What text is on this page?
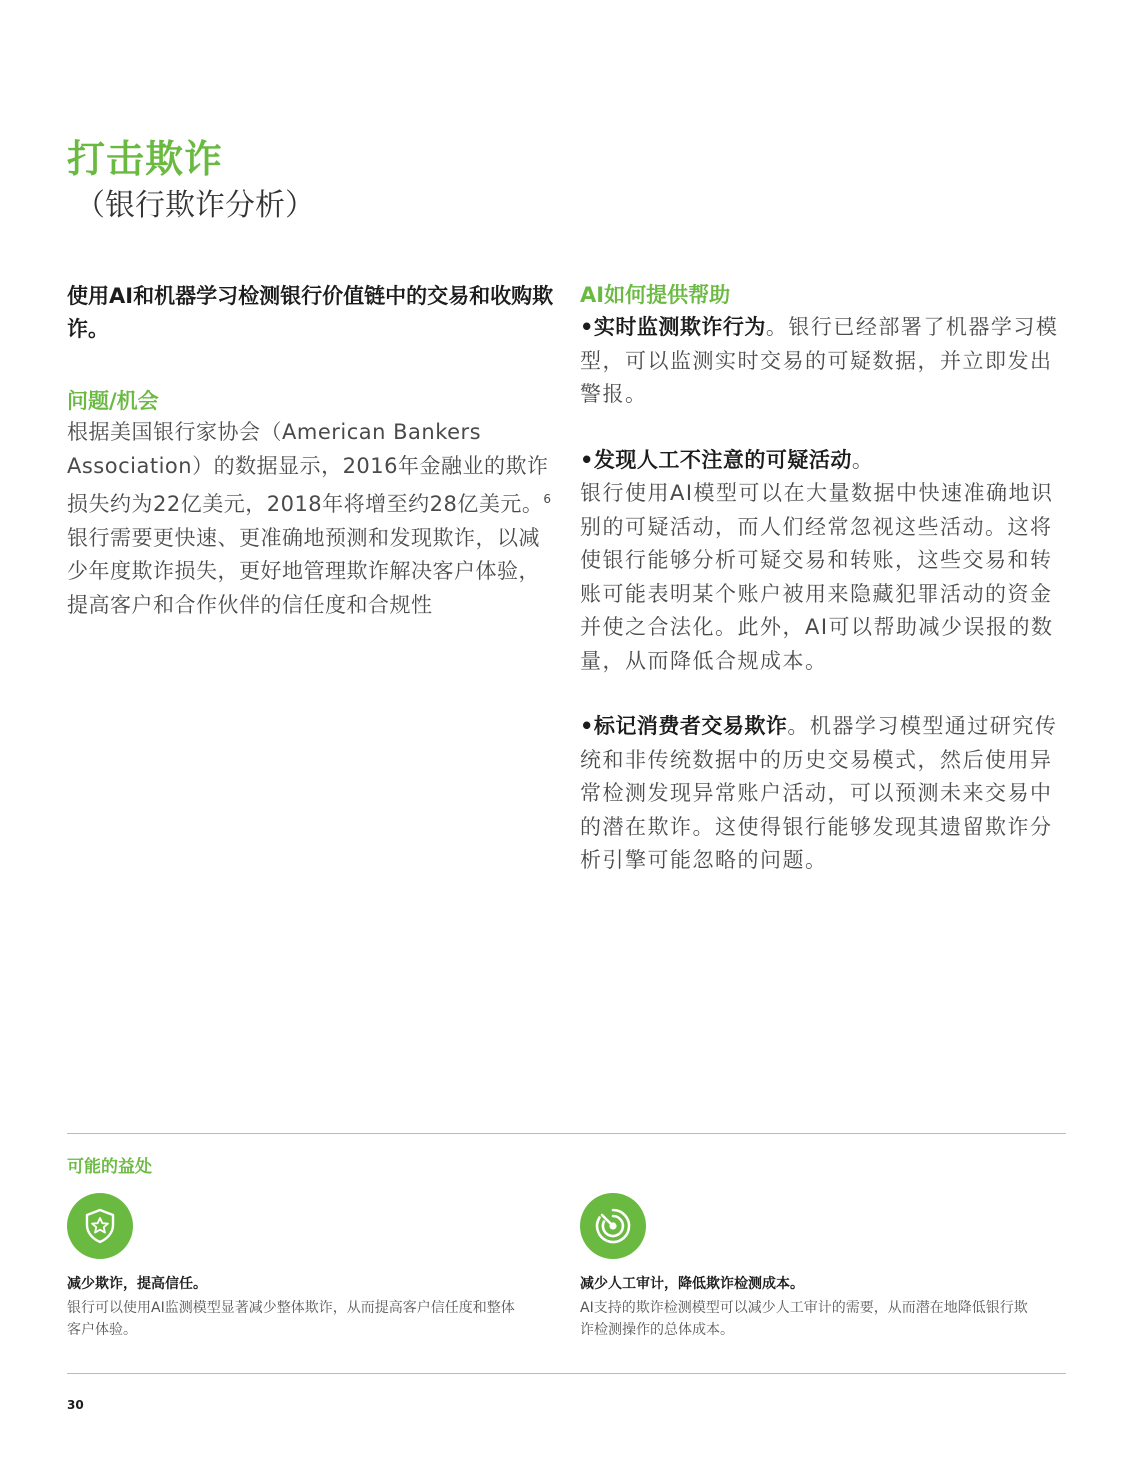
打击欺诈
（银行欺诈分析）

使用AI和机器学习检测银行价值链中的交易和收购欺诈。

问题/机会

根据美国银行家协会（American Bankers Association）的数据显示，2016年金融业的欺诈损失约为22亿美元，2018年将增至约28亿美元。$^6$银行需要更快速、更准确地预测和发现欺诈，以减少年度欺诈损失，更好地管理欺诈解决客户体验，提高客户和合作伙伴的信任度和合规性

AI如何提供帮助

•实时监测欺诈行为。银行已经部署了机器学习模型，可以监测实时交易的可疑数据，并立即发出警报。

•发现人工不注意的可疑活动。
银行使用AI模型可以在大量数据中快速准确地识别的可疑活动，而人们经常忽视这些活动。这将使银行能够分析可疑交易和转账，这些交易和转账可能表明某个账户被用来隐藏犯罪活动的资金并使之合法化。此外，AI可以帮助减少误报的数量，从而降低合规成本。

•标记消费者交易欺诈。机器学习模型通过研究传统和非传统数据中的历史交易模式，然后使用异常检测发现异常账户活动，可以预测未来交易中的潜在欺诈。这使得银行能够发现其遗留欺诈分析引擎可能忽略的问题。

可能的益处

减少欺诈，提高信任。

银行可以使用AI监测模型显著减少整体欺诈，从而提高客户信任度和整体客户体验。

减少人工审计，降低欺诈检测成本。

AI支持的欺诈检测模型可以减少人工审计的需要，从而潜在地降低银行欺诈检测操作的总体成本。

30
